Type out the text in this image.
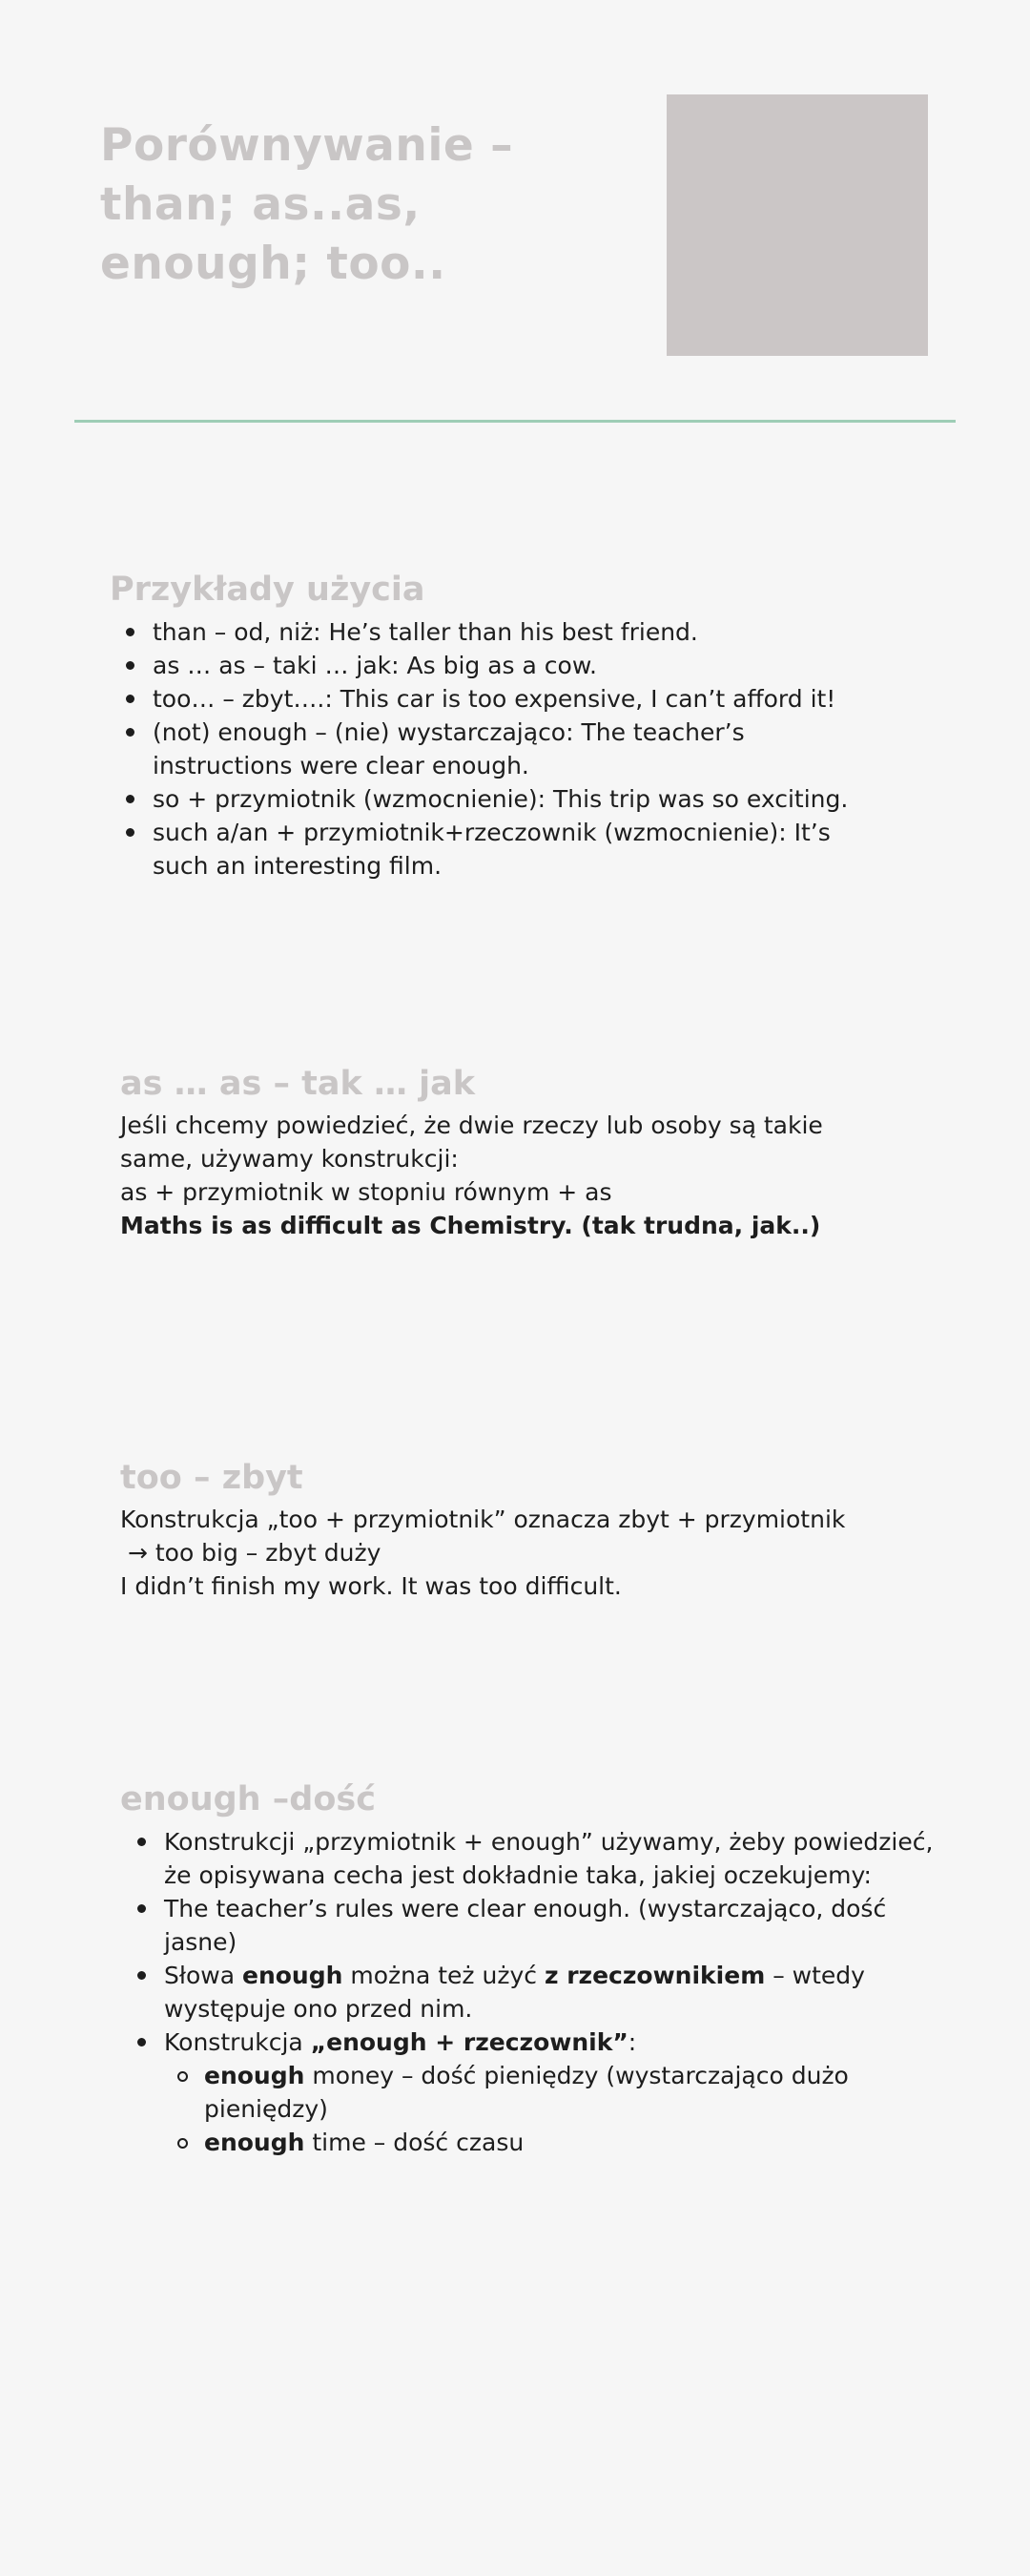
Porównywanie –
than; as..as,
enough; too..
Przykłady użycia
than – od, niż: He’s taller than his best friend.
as … as – taki … jak: As big as a cow.
too… – zbyt….: This car is too expensive, I can’t afford it!
(not) enough – (nie) wystarczająco: The teacher’s instructions were clear enough.
so + przymiotnik (wzmocnienie): This trip was so exciting.
such a/an + przymiotnik+rzeczownik (wzmocnienie): It’s such an interesting film.
as … as – tak … jak
Jeśli chcemy powiedzieć, że dwie rzeczy lub osoby są takie same, używamy konstrukcji:
as + przymiotnik w stopniu równym + as
Maths is as difficult as Chemistry. (tak trudna, jak..)
too – zbyt
Konstrukcja „too + przymiotnik” oznacza zbyt + przymiotnik
→ too big – zbyt duży
I didn’t finish my work. It was too difficult.
enough –dość
Konstrukcji „przymiotnik + enough” używamy, żeby powiedzieć, że opisywana cecha jest dokładnie taka, jakiej oczekujemy:
The teacher’s rules were clear enough. (wystarczająco, dość jasne)
Słowa enough można też użyć z rzeczownikiem – wtedy występuje ono przed nim.
Konstrukcja „enough + rzeczownik”:
enough money – dość pieniędzy (wystarczająco dużo pieniędzy)
enough time – dość czasu
